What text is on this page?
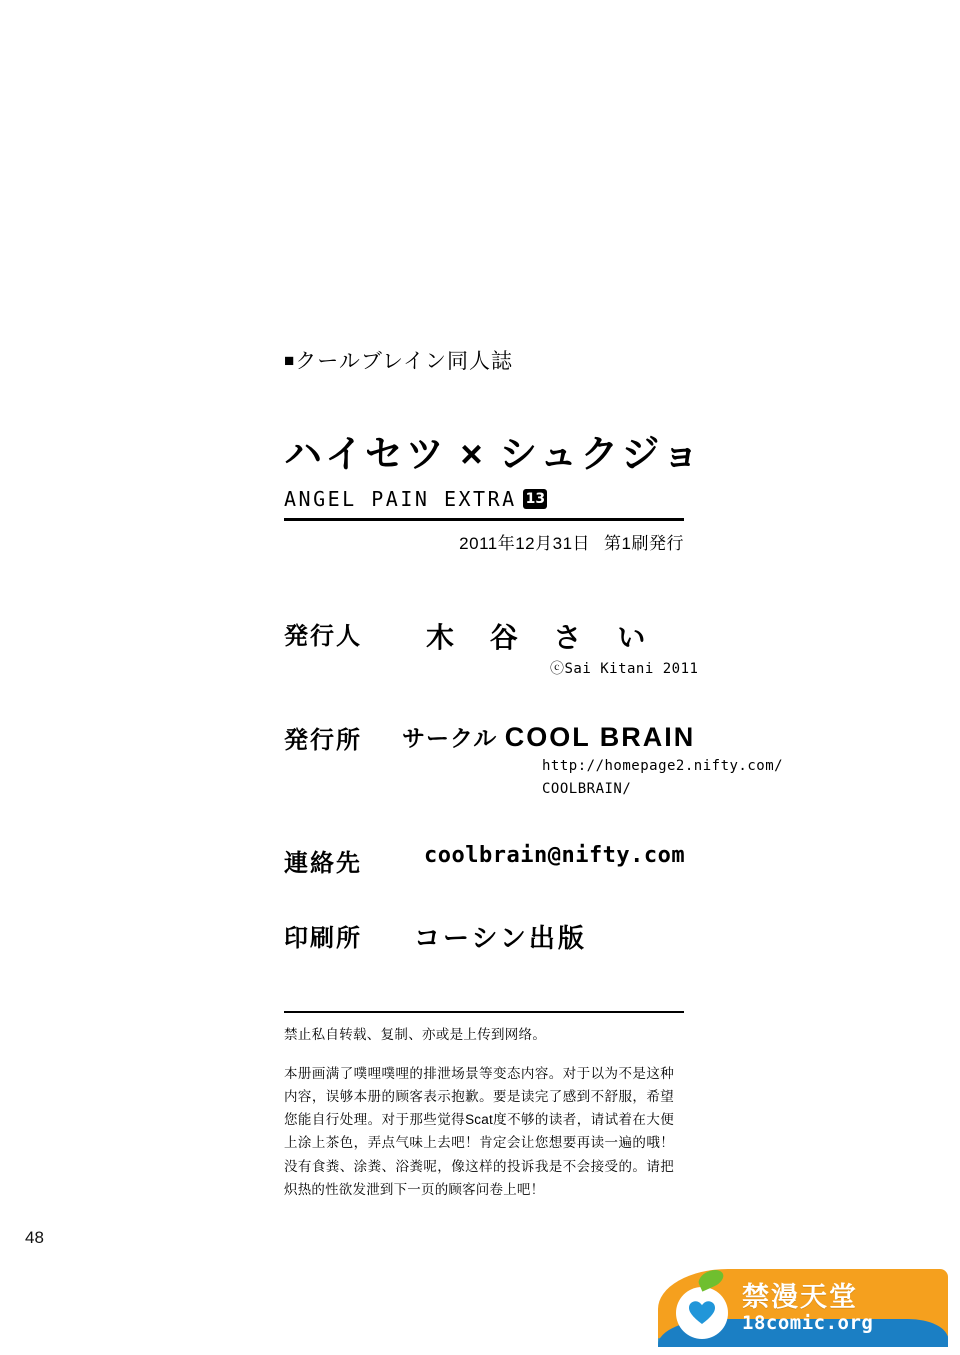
■クールブレイン同人誌
ハイセツ × シュクジョ
ANGEL PAIN EXTRA 13
2011年12月31日 第1刷発行
発行人	木 谷 さ い
ⓒSai Kitani 2011
発行所	サークル COOL BRAIN
http://homepage2.nifty.com/
COOLBRAIN/
連絡先	coolbrain@nifty.com
印刷所	コーシン出版
禁止私自转载、复制、亦或是上传到网络。
本册画满了噗哩噗哩的排泄场景等变态内容。对于以为不是这种内容，误够本册的顾客表示抱歉。要是读完了感到不舒服，希望您能自行处理。对于那些觉得Scat度不够的读者，请试着在大便上涂上茶色，弄点气味上去吧！肯定会让您想要再读一遍的哦！没有食粪、涂粪、浴粪呢，像这样的投诉我是不会接受的。请把炽热的性欲发泄到下一页的顾客问卷上吧！
48
禁漫天堂
18comic.org
